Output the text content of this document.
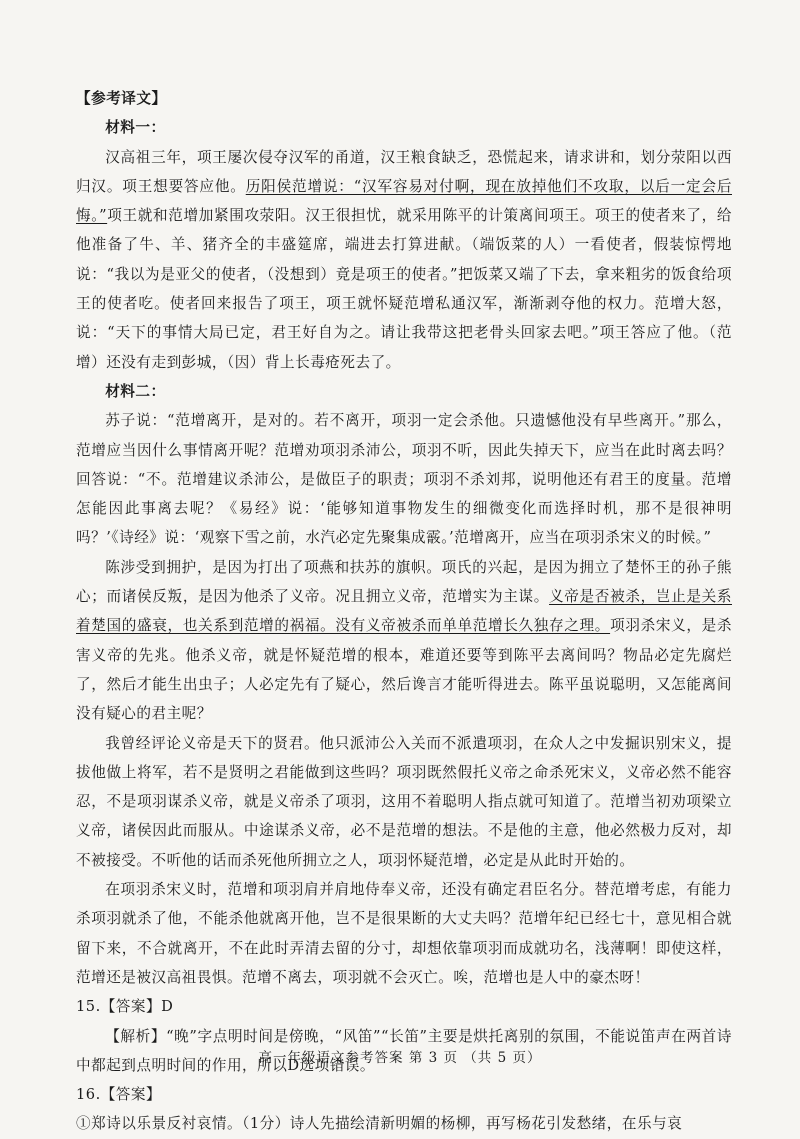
【参考译文】

材料一：

汉高祖三年，项王屡次侵夺汉军的甬道，汉王粮食缺乏，恐慌起来，请求讲和，划分荥阳以西归汉。项王想要答应他。历阳侯范增说：“汉军容易对付啊，现在放掉他们不攻取，以后一定会后悔。”项王就和范增加紧围攻荥阳。汉王很担忧，就采用陈平的计策离间项王。项王的使者来了，给他准备了牛、羊、猪齐全的丰盛筵席，端进去打算进献。（端饭菜的人）一看使者，假装惊愕地说：“我以为是亚父的使者，（没想到）竟是项王的使者。”把饭菜又端了下去，拿来粗劣的饭食给项王的使者吃。使者回来报告了项王，项王就怀疑范增私通汉军，渐渐剥夺他的权力。范增大怒，说：“天下的事情大局已定，君王好自为之。请让我带这把老骨头回家去吧。”项王答应了他。（范增）还没有走到彭城，（因）背上长毒疮死去了。

材料二：

苏子说：“范增离开，是对的。若不离开，项羽一定会杀他。只遗憾他没有早些离开。”那么，范增应当因什么事情离开呢？范增劝项羽杀沛公，项羽不听，因此失掉天下，应当在此时离去吗？回答说：“不。范增建议杀沛公，是做臣子的职责；项羽不杀刘邦，说明他还有君王的度量。范增怎能因此事离去呢？《易经》说：‘能够知道事物发生的细微变化而选择时机，那不是很神明吗？’《诗经》说：‘观察下雪之前，水汽必定先聚集成霰。’范增离开，应当在项羽杀宋义的时候。”

陈涉受到拥护，是因为打出了项燕和扶苏的旗帜。项氏的兴起，是因为拥立了楚怀王的孙子熊心；而诸侯反叛，是因为他杀了义帝。况且拥立义帝，范增实为主谋。义帝是否被杀，岂止是关系着楚国的盛衰，也关系到范增的祸福。没有义帝被杀而单单范增长久独存之理。项羽杀宋义，是杀害义帝的先兆。他杀义帝，就是怀疑范增的根本，难道还要等到陈平去离间吗？物品必定先腐烂了，然后才能生出虫子；人必定先有了疑心，然后谗言才能听得进去。陈平虽说聪明，又怎能离间没有疑心的君主呢？

我曾经评论义帝是天下的贤君。他只派沛公入关而不派遣项羽，在众人之中发掘识别宋义，提拔他做上将军，若不是贤明之君能做到这些吗？项羽既然假托义帝之命杀死宋义，义帝必然不能容忍，不是项羽谋杀义帝，就是义帝杀了项羽，这用不着聪明人指点就可知道了。范增当初劝项梁立义帝，诸侯因此而服从。中途谋杀义帝，必不是范增的想法。不是他的主意，他必然极力反对，却不被接受。不听他的话而杀死他所拥立之人，项羽怀疑范增，必定是从此时开始的。

在项羽杀宋义时，范增和项羽肩并肩地侍奉义帝，还没有确定君臣名分。替范增考虑，有能力杀项羽就杀了他，不能杀他就离开他，岂不是很果断的大丈夫吗？范增年纪已经七十，意见相合就留下来，不合就离开，不在此时弄清去留的分寸，却想依靠项羽而成就功名，浅薄啊！即使这样，范增还是被汉高祖畏惧。范增不离去，项羽就不会灭亡。唉，范增也是人中的豪杰呀！

15.【答案】D

【解析】“晚”字点明时间是傍晚，“风笛”“长笛”主要是烘托离别的氛围，不能说笛声在两首诗中都起到点明时间的作用，所以D选项错误。

16.【答案】

①郑诗以乐景反衬哀情。（1分）诗人先描绘清新明媚的杨柳，再写杨花引发愁绪，在乐与哀

高一年级语文参考答案 第 3 页 （共 5 页）
